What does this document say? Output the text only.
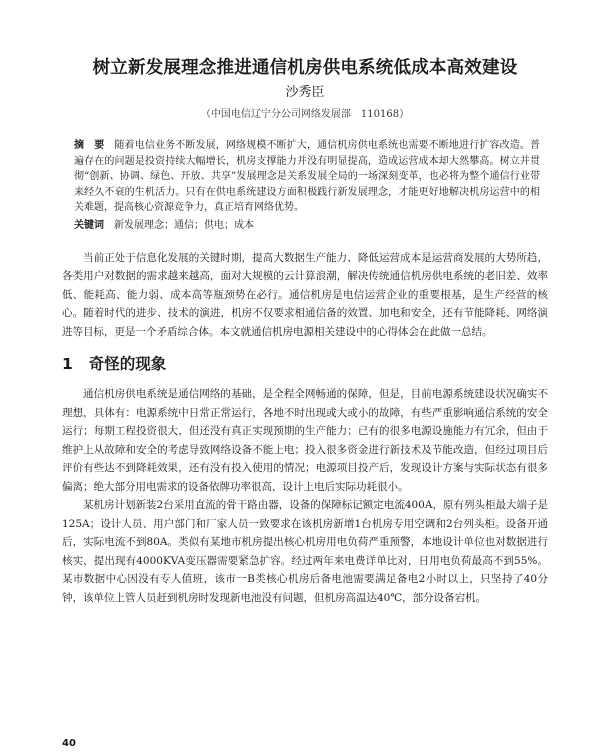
树立新发展理念推进通信机房供电系统低成本高效建设
沙秀臣
（中国电信辽宁分公司网络发展部　110168）
摘　要 随着电信业务不断发展，网络规模不断扩大，通信机房供电系统也需要不断地进行扩容改造。普遍存在的问题是投资持续大幅增长，机房支撑能力并没有明显提高，造成运营成本却大然攀高。树立并贯彻“创新、协调、绿色、开放、共享”发展理念是关系发展全局的一场深刻变革，也必将为整个通信行业带来经久不衰的生机活力。只有在供电系统建设方面积极践行新发展理念，才能更好地解决机房运营中的相关难题，提高核心资源竞争力，真正培育网络优势。
关键词 新发展理念；通信；供电；成本

当前正处于信息化发展的关键时期，提高大数据生产能力、降低运营成本是运营商发展的大势所趋，各类用户对数据的需求越来越高，面对大规模的云计算浪潮，解决传统通信机房供电系统的老旧差、效率低、能耗高、能力弱、成本高等瓶颈势在必行。通信机房是电信运营企业的重要根基，是生产经营的核心。随着时代的进步、技术的演进，机房不仅要求相通信备的效置、加电和安全，还有节能降耗、网络演进等目标，更是一个矛盾综合体。本文就通信机房电源相关建设中的心得体会在此做一总结。

1 奇怪的现象

通信机房供电系统是通信网络的基础，是全程全网畅通的保障，但是，目前电源系统建设状况确实不理想，具体有：电源系统中日常正常运行，各地不时出现或大或小的故障，有些严重影响通信系统的安全运行；每期工程投资很大，但还没有真正实现预期的生产能力；已有的很多电源设施能力有冗余，但由于维护上从故障和安全的考虑导致网络设备不能上电；投入很多资金进行新技术及节能改造，但经过项目后评价有些达不到降耗效果，还有没有投入使用的情况；电源项目投产后，发现设计方案与实际状态有很多偏离；绝大部分用电需求的设备依牌功率很高，设计上电后实际功耗很小。

某机房计划新装2台采用直流的骨干路由器，设备的保障标记额定电流400A，原有列头柜最大端子是125A；设计人员、用户部门和厂家人员一致要求在该机房新增1台机房专用空调和2台列头柜。设备开通后，实际电流不到80A。类似有某地市机房提出核心机房用电负荷严重预警，本地设计单位也对数据进行核实，提出现有4000KVA变压器需要紧急扩容。经过两年来电费详单比对，日用电负荷最高不到55%。某市数据中心因没有专人值班，该市一B类核心机房后备电池需要满足备电2小时以上，只坚持了40分钟，该单位上管人员赶到机房时发现新电池没有问题，但机房高温达40℃，部分设备宕机。

40
